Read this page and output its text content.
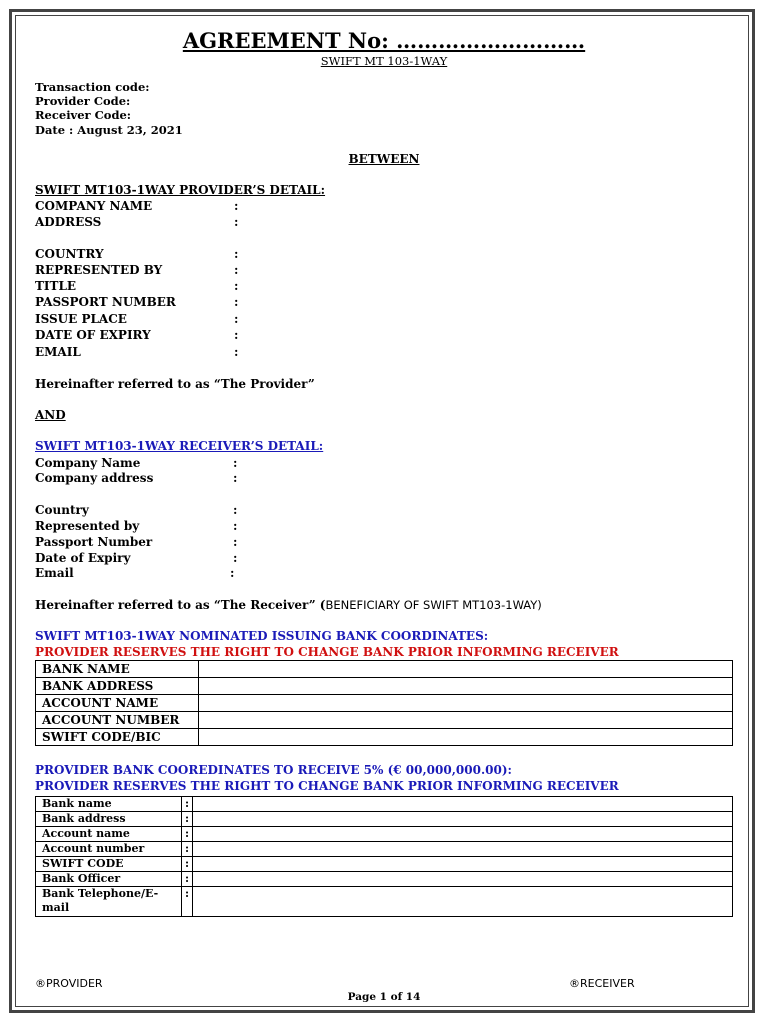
AGREEMENT No: ………………………
SWIFT MT 103-1WAY
Transaction code:
Provider Code:
Receiver Code:
Date : August 23, 2021
BETWEEN
SWIFT MT103-1WAY PROVIDER’S DETAIL:
COMPANY NAME	:
ADDRESS	:
COUNTRY	:
REPRESENTED BY	:
TITLE	:
PASSPORT NUMBER	:
ISSUE PLACE	:
DATE OF EXPIRY	:
EMAIL	:
Hereinafter referred to as “The Provider”
AND
SWIFT MT103-1WAY RECEIVER’S DETAIL:
Company Name	:
Company address	:
Country	:
Represented by	:
Passport Number	:
Date of Expiry	:
Email	:
Hereinafter referred to as “The Receiver” (BENEFICIARY OF SWIFT MT103-1WAY)
SWIFT MT103-1WAY NOMINATED ISSUING BANK COORDINATES:
PROVIDER RESERVES THE RIGHT TO CHANGE BANK PRIOR INFORMING RECEIVER
BANK NAME	
BANK ADDRESS	
ACCOUNT NAME	
ACCOUNT NUMBER	
SWIFT CODE/BIC	
PROVIDER BANK COOREDINATES TO RECEIVE 5% (€ 00,000,000.00):
PROVIDER RESERVES THE RIGHT TO CHANGE BANK PRIOR INFORMING RECEIVER
Bank name	:	
Bank address	:	
Account name	:	
Account number	:	
SWIFT CODE	:	
Bank Officer	:	
Bank Telephone/E-mail	:	
®PROVIDER	®RECEIVER
Page 1 of 14
